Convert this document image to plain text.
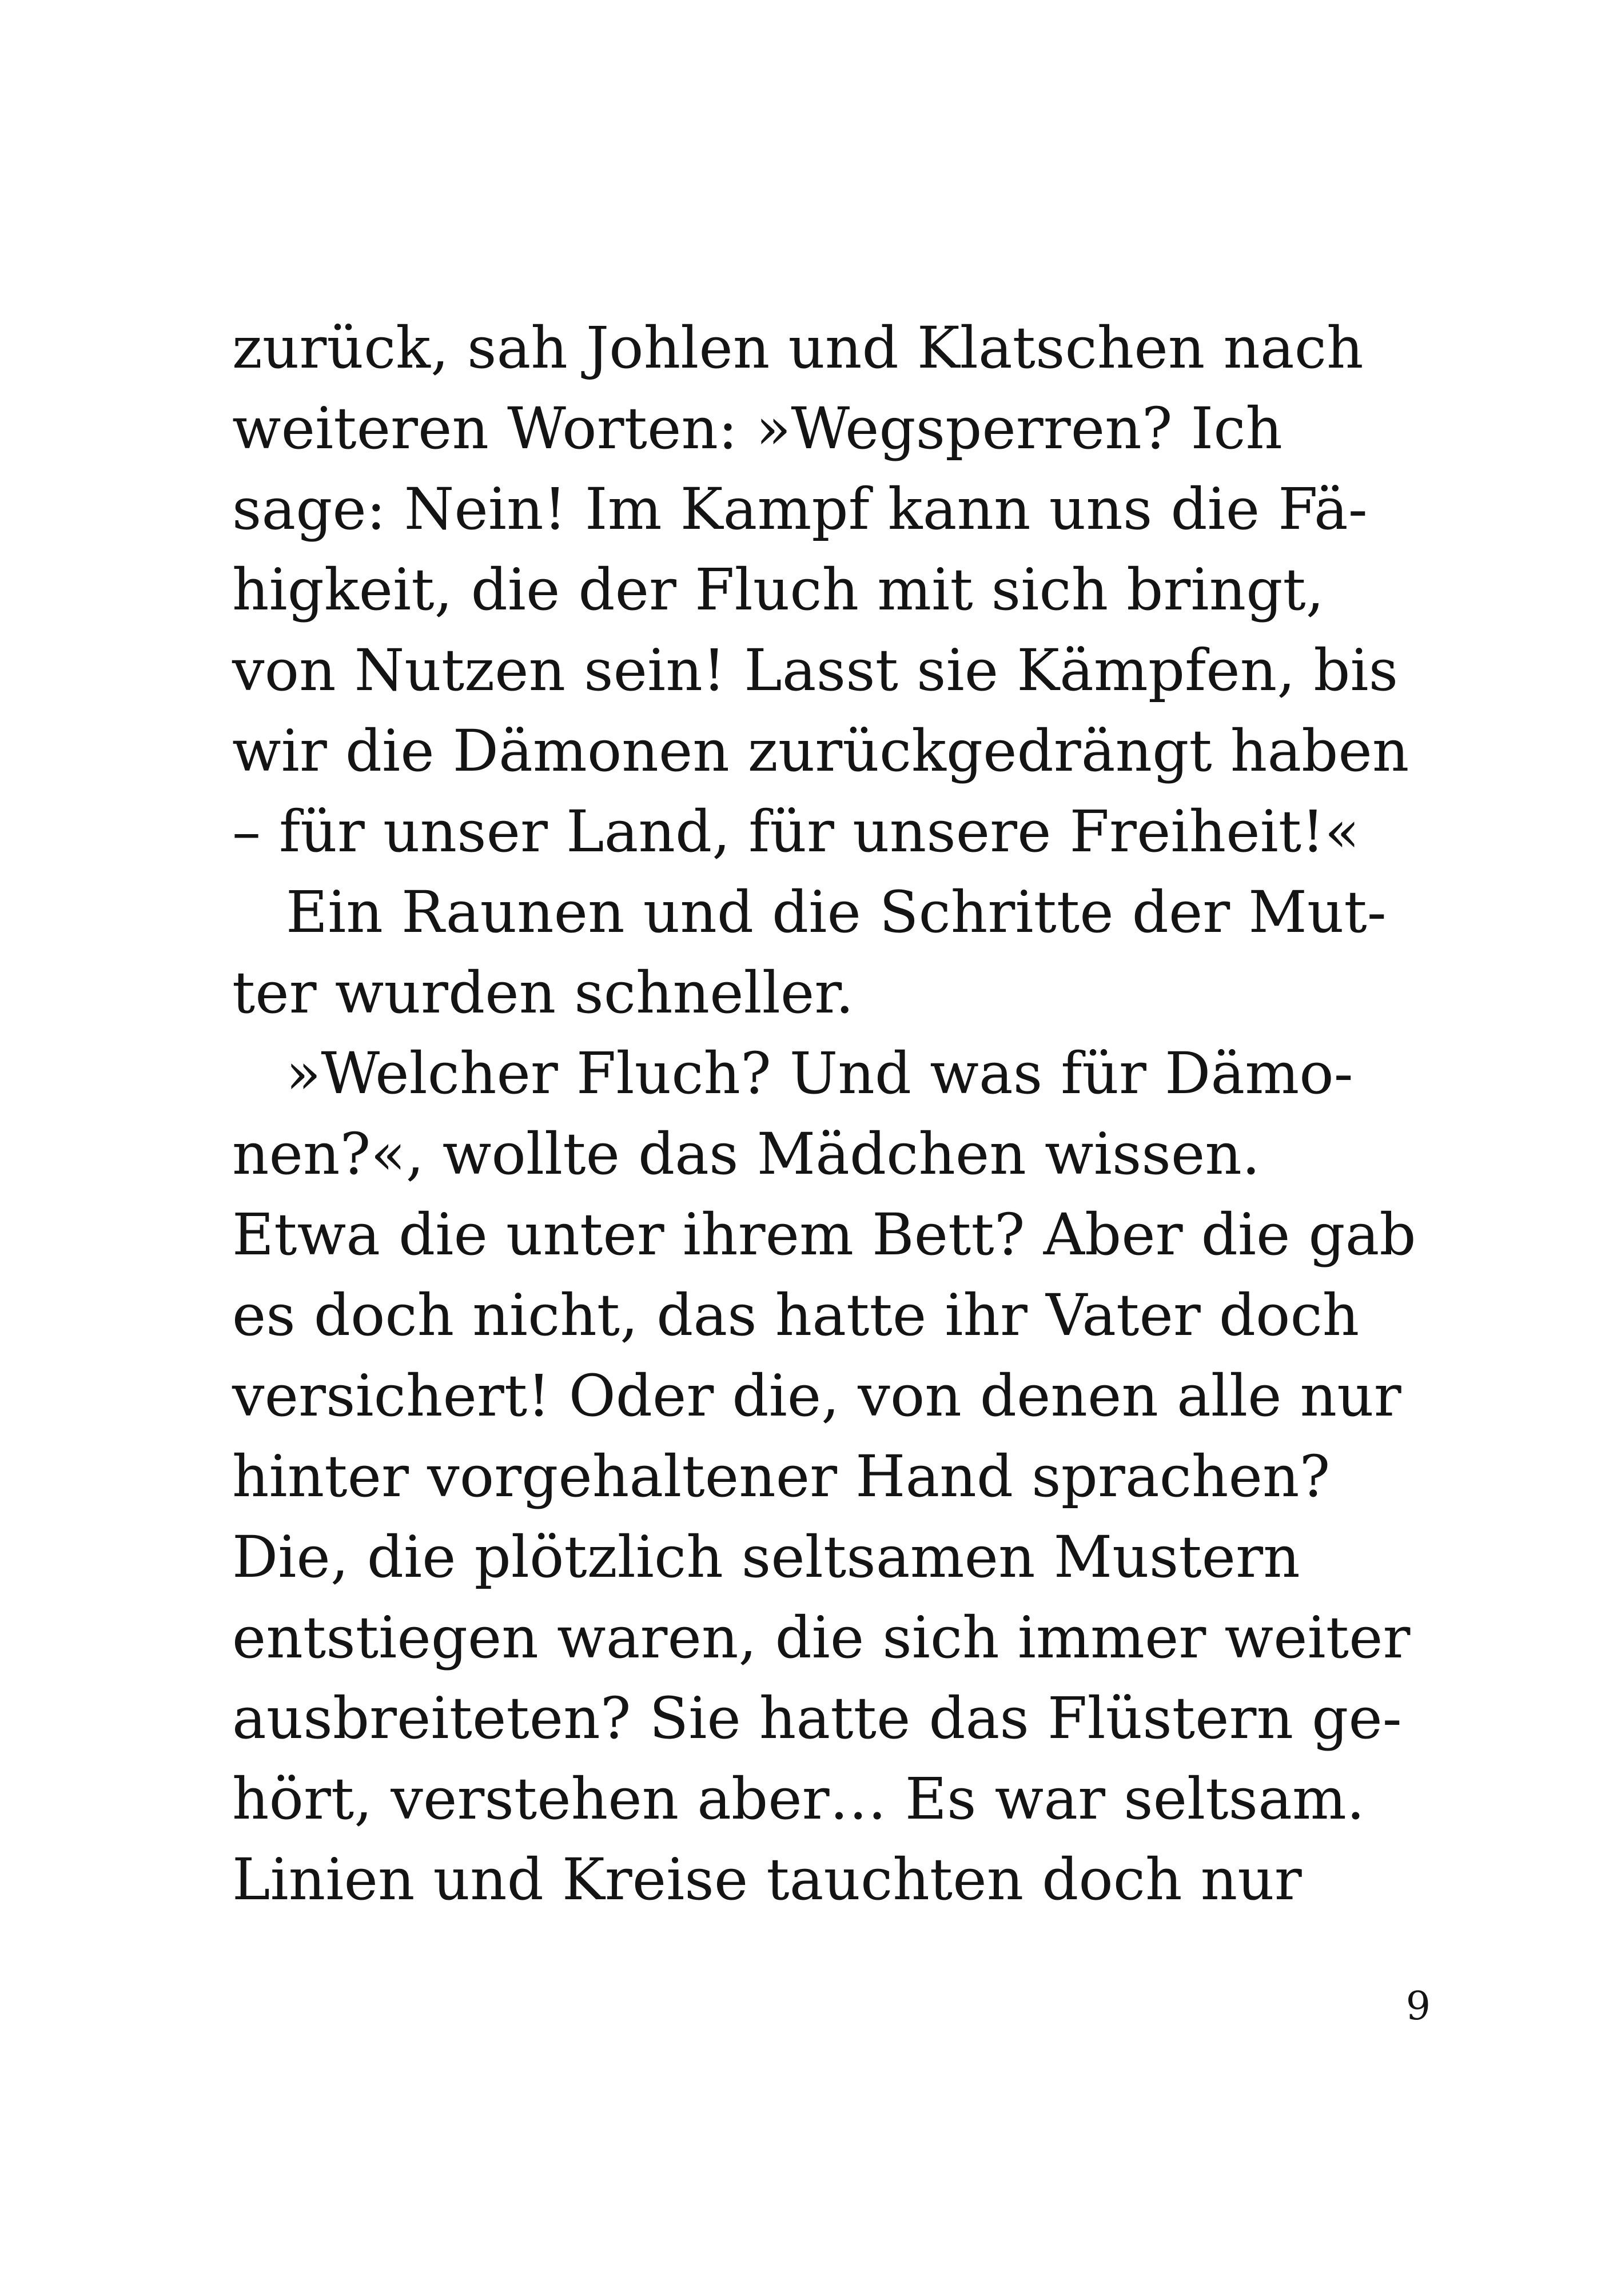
zurück, sah Johlen und Klatschen nach
weiteren Worten: »Wegsperren? Ich
sage: Nein! Im Kampf kann uns die Fä-
higkeit, die der Fluch mit sich bringt,
von Nutzen sein! Lasst sie Kämpfen, bis
wir die Dämonen zurückgedrängt haben
– für unser Land, für unsere Freiheit!«
Ein Raunen und die Schritte der Mut-
ter wurden schneller.
»Welcher Fluch? Und was für Dämo-
nen?«, wollte das Mädchen wissen.
Etwa die unter ihrem Bett? Aber die gab
es doch nicht, das hatte ihr Vater doch
versichert! Oder die, von denen alle nur
hinter vorgehaltener Hand sprachen?
Die, die plötzlich seltsamen Mustern
entstiegen waren, die sich immer weiter
ausbreiteten? Sie hatte das Flüstern ge-
hört, verstehen aber… Es war seltsam.
Linien und Kreise tauchten doch nur
9
